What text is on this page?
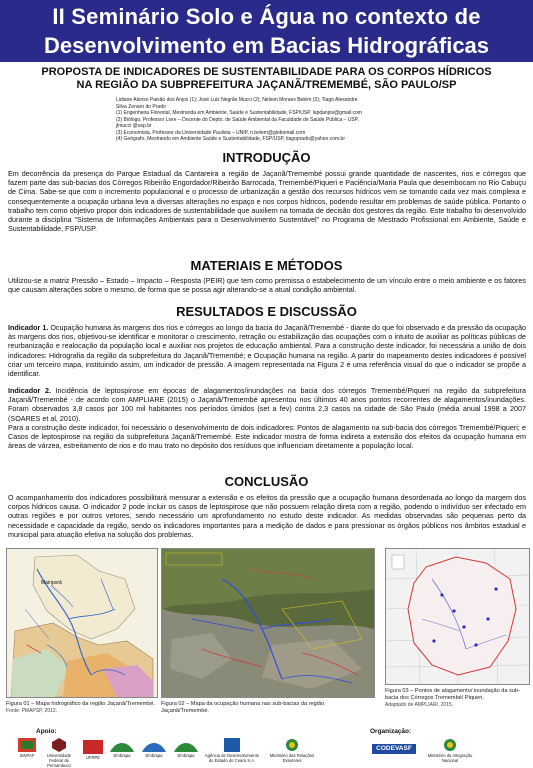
II Seminário Solo e Água no contexto de
Desenvolvimento em Bacias Hidrográficas
PROPOSTA DE INDICADORES DE SUSTENTABILIDADE PARA OS CORPOS HÍDRICOS
NA REGIÃO DA SUBPREFEITURA JAÇANÃ/TREMEMBÉ, SÃO PAULO/SP
Lidiane Alonso Paixão dos Anjos (1); José Luiz Negrão Mucci (2); Nelson Moraes Belém (3); Tiago Alexandre
Silva Zenaro do Prado
(1) Engenheira Florestal, Mestranda em Ambiente, Saúde e Sustentabilidade, FSP/USP, lapdanjos@gmail.com
(2) Biólogo, Professor Livre – Docente do Depto. de Saúde Ambiental da Faculdade de Saúde Pública – USP,
jlmucci @usp.br
(3) Economista, Professor da Universidade Paulista – UNIP, n.belem@globomail.com
(4) Geógrafo, Mestrando em Ambiente Saúde e Sustentabilidade, FSP/USP, tiagoprado@yahoo.com.br
INTRODUÇÃO
Em decorrência da presença do Parque Estadual da Cantareira a região de Jaçanã/Tremembé possui grande quantidade de nascentes, rios e córregos que fazem parte das sub-bacias dos Córregos Ribeirão Engordador/Ribeirão Barrocada, Tremembé/Piqueri e Paciência/Maria Paula que desembocam no Rio Cabuçu de Cima. Sabe-se que com o incremento populacional e o processo de urbanização a gestão dos recursos hídricos vem se tornando cada vez mais complexa e consequentemente a ocupação urbana leva a diversas alterações no espaço e nos corpos hídricos, podendo resultar em problemas de saúde pública. Portanto o trabalho tem como objetivo propor dois indicadores de sustentabilidade que auxiliem na tomada de decisão dos gestores da região. Este trabalho foi desenvolvido durante a disciplina "Sistema de Informações Ambientais para o Desenvolvimento Sustentável" no Programa de Mestrado Profissional em Ambiente, Saúde e Sustentabilidade, FSP/USP.
MATERIAIS E MÉTODOS
Utilizou-se a matriz Pressão – Estado – Impacto – Resposta (PEIR) que tem como premissa o estabelecimento de um vínculo entre o meio ambiente e os fatores que causam alterações sobre o mesmo, de forma que se possa agir alterando-se a atual condição ambiental.
RESULTADOS E DISCUSSÃO
Indicador 1. Ocupação humana às margens dos rios e córregos ao longo da bacia do Jaçanã/Tremembé - diante do que foi observado e da pressão da ocupação às margens dos rios, objetivou-se identificar e monitorar o crescimento, retração ou estabilização das ocupações com o intuito de auxiliar as políticas públicas de reurbanização e realocação da população local e auxiliar nos projetos de educação ambiental. Para a construção deste indicador, foi necessária a união de dois indicadores: Hidrografia da região da subprefeitura do Jaçanã/Tremembé; e Ocupação humana na região. A partir do mapeamento destes indicadores é possível criar um terceiro mapa, instituindo assim, um indicador de pressão. A imagem representada na Figura 2 é uma referência visual do que o indicador se propõe a identificar.
Indicador 2. Incidência de leptospirose em épocas de alagamentos/inundações na bacia dos córregos Tremembé/Piqueri na região da subprefeitura Jaçanã/Tremembé - de acordo com AMPLIARE (2015) o Jaçanã/Tremembé apresentou nos últimos 40 anos pontos recorrentes de alagamentos/inundações. Foram observados 3,8 casos por 100 mil habitantes nos períodos úmidos (set a fev) contra 2,3 casos na cidade de São Paulo (média anual 1998 a 2007 (SOARES et al, 2010).
Para a construção deste indicador, foi necessário o desenvolvimento de dois indicadores: Pontos de alagamento na sub-bacia dos córregos Tremembé/Piqueri; e Casos de leptospirose na região da subprefeitura Jaçanã/Tremembé. Este indicador mostra de forma indireta a extensão dos efeitos da ocupação humana em áreas de várzea, estreitamento de rios e do mau trato no depósito dos resíduos que influenciam diretamente a população local.
CONCLUSÃO
O acompanhamento dos indicadores possibilitará mensurar a extensão e os efeitos da pressão que a ocupação humana desordenada ao longo da margem dos corpos hídricos causa. O indicador 2 pode incluir os casos de leptospirose que não possuem relação direta com a região, podendo o indivíduo ser infectado em outras regiões e por outros vetores, sendo necessário um aprofundamento no estudo deste indicador. As medidas observadas são pequenas perto da necessidade e capacidade da região, sendo os indicadores importantes para a medição de dados e para pressionar os órgãos públicos nos âmbitos estadual e municipal para atuação efetiva na solução dos problemas.
Mairiporã
Figura 01 – Mapa hidrográfico da região Jaçanã/Tremembé.
Fonte: PMAPSP, 2012.
Figura 02 – Mapa da ocupação humana nas sub-bacias da região Jaçanã/Tremembé.
Figura 03 – Pontos de alagamento/ inundação da sub-bacia dos Córregos Tremembé/ Piqueri.
Adaptado de AMPLIARI, 2015.
Apoio:
SINPAF	Universidade Federal de Pernambuco
UFRPE	Embrapa	Embrapa	Embrapa	Agência de Desenvolvimento do Estado do Ceará S.A.
Ministério das Relações Exteriores
Organização:
CODEVASF
Ministério da Integração Nacional
